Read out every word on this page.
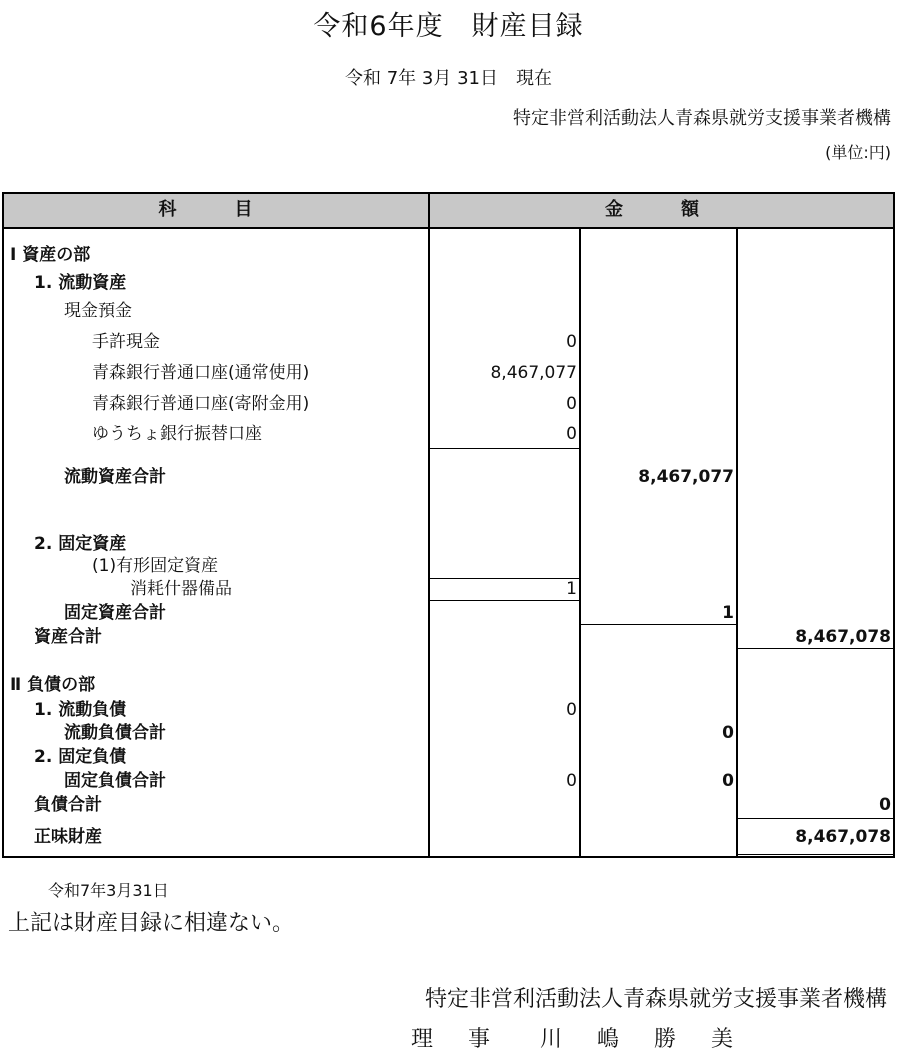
令和6年度　財産目録
令和 7年 3月 31日　現在
特定非営利活動法人青森県就労支援事業者機構
(単位:円)
科　目	金　額
Ⅰ 資産の部
1. 流動資産
現金預金
手許現金
青森銀行普通口座(通常使用)
青森銀行普通口座(寄附金用)
ゆうちょ銀行振替口座
流動資産合計
2. 固定資産
(1)有形固定資産
消耗什器備品
固定資産合計
資産合計
Ⅱ 負債の部
1. 流動負債
流動負債合計
2. 固定負債
固定負債合計
負債合計
正味財産
0
8,467,077
0
0
1
0
0
8,467,077
1
0
0
8,467,078
0
8,467,078
令和7年3月31日
上記は財産目録に相違ない。
特定非営利活動法人青森県就労支援事業者機構
理 事　川 嶋 勝 美
